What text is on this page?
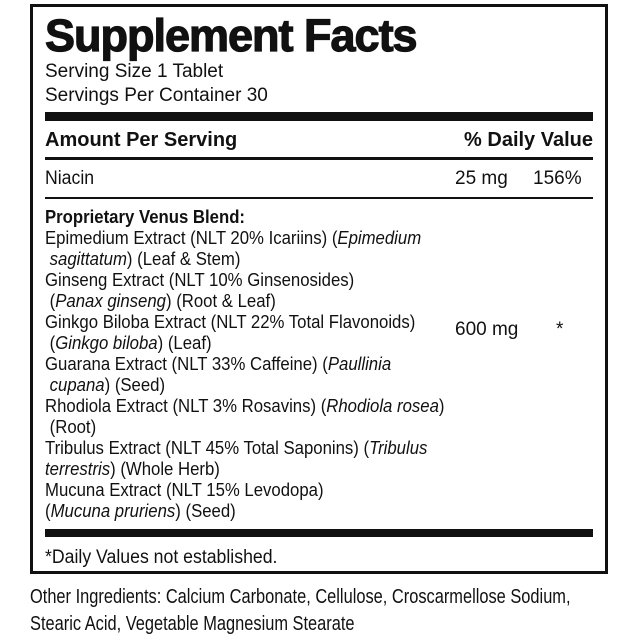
Supplement Facts
Serving Size 1 Tablet
Servings Per Container 30
Amount Per Serving	% Daily Value
Niacin	25 mg 156%
Proprietary Venus Blend:
Epimedium Extract (NLT 20% Icariins) (Epimedium
sagittatum) (Leaf & Stem)
Ginseng Extract (NLT 10% Ginsenosides)
(Panax ginseng) (Root & Leaf)
Ginkgo Biloba Extract (NLT 22% Total Flavonoids)
(Ginkgo biloba) (Leaf)
Guarana Extract (NLT 33% Caffeine) (Paullinia
cupana) (Seed)
Rhodiola Extract (NLT 3% Rosavins) (Rhodiola rosea)
(Root)
Tribulus Extract (NLT 45% Total Saponins) (Tribulus
terrestris) (Whole Herb)
Mucuna Extract (NLT 15% Levodopa)
(Mucuna pruriens) (Seed)
600 mg *
*Daily Values not established.
Other Ingredients: Calcium Carbonate, Cellulose, Croscarmellose Sodium, Stearic Acid, Vegetable Magnesium Stearate
